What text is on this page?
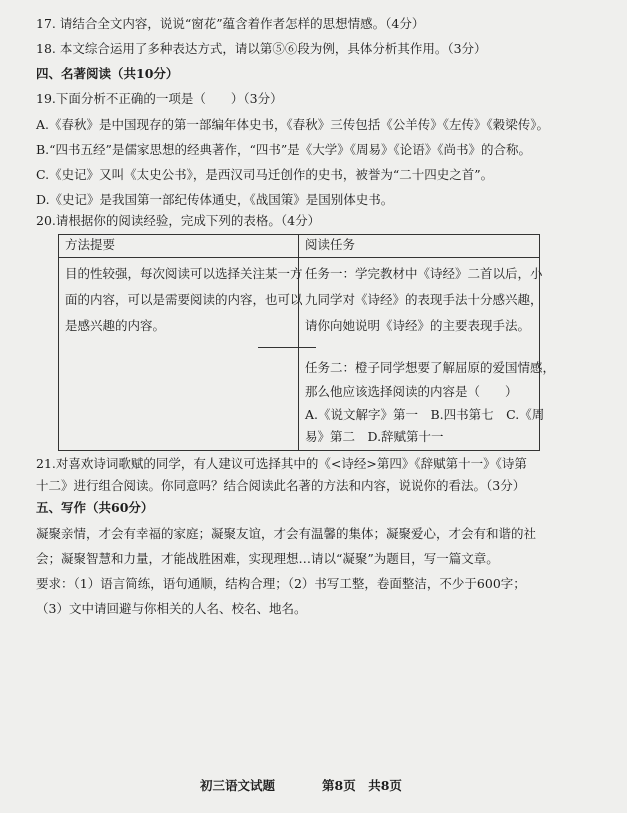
17. 请结合全文内容，说说“窗花”蕴含着作者怎样的思想情感。（4分）
18. 本文综合运用了多种表达方式，请以第⑤⑥段为例，具体分析其作用。（3分）
四、名著阅读（共10分）
19.下面分析不正确的一项是（　　）（3分）
A.《春秋》是中国现存的第一部编年体史书，《春秋》三传包括《公羊传》《左传》《穀梁传》。
B.“四书五经”是儒家思想的经典著作，“四书”是《大学》《周易》《论语》《尚书》的合称。
C.《史记》又叫《太史公书》，是西汉司马迁创作的史书，被誉为“二十四史之首”。
D.《史记》是我国第一部纪传体通史，《战国策》是国别体史书。
20.请根据你的阅读经验，完成下列的表格。（4分）
方法提要	阅读任务
目的性较强，每次阅读可以选择关注某一方
面的内容，可以是需要阅读的内容，也可以
是感兴趣的内容。
任务一：学完教材中《诗经》二首以后，小
九同学对《诗经》的表现手法十分感兴趣，
请你向她说明《诗经》的主要表现手法。
任务二：橙子同学想要了解屈原的爱国情感，
那么他应该选择阅读的内容是（　　）
A.《说文解字》第一　B.四书第七　C.《周
易》第二　D.辞赋第十一
21.对喜欢诗词歌赋的同学，有人建议可选择其中的《<诗经>第四》《辞赋第十一》《诗第
十二》进行组合阅读。你同意吗？结合阅读此名著的方法和内容，说说你的看法。（3分）
五、写作（共60分）
凝聚亲情，才会有幸福的家庭；凝聚友谊，才会有温馨的集体；凝聚爱心，才会有和谐的社
会；凝聚智慧和力量，才能战胜困难，实现理想…请以“凝聚”为题目，写一篇文章。
要求：（1）语言简练，语句通顺，结构合理；（2）书写工整，卷面整洁，不少于600字；
（3）文中请回避与你相关的人名、校名、地名。
初三语文试题	第8页　共8页
